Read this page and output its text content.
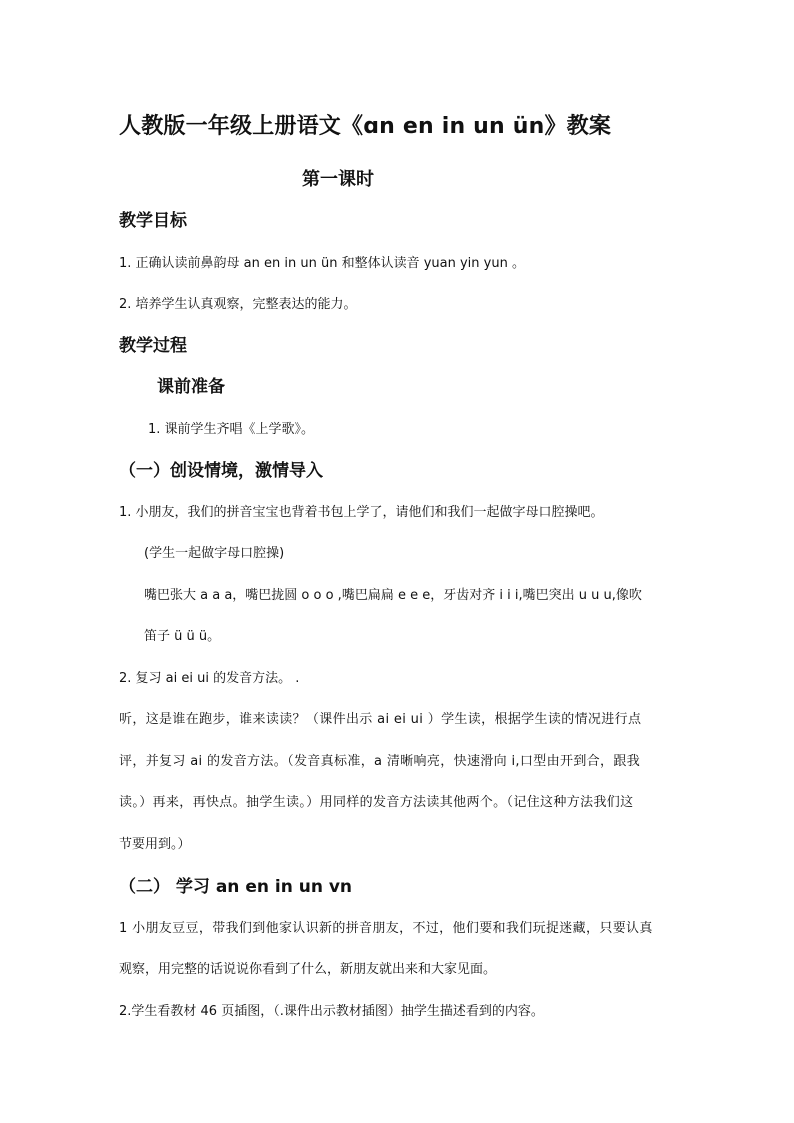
人教版一年级上册语文《ɑn en in un ün》教案
第一课时
教学目标
1. 正确认读前鼻韵母 an en in un ün 和整体认读音 yuan yin yun 。
2. 培养学生认真观察，完整表达的能力。
教学过程
课前准备
1. 课前学生齐唱《上学歌》。
（一）创设情境，激情导入
1. 小朋友，我们的拼音宝宝也背着书包上学了，请他们和我们一起做字母口腔操吧。
(学生一起做字母口腔操)
嘴巴张大 a a a，嘴巴拢圆 o o o ,嘴巴扁扁 e e e，牙齿对齐 i i i,嘴巴突出 u u u,像吹
笛子 ü ü ü。
2. 复习 ai ei ui 的发音方法。 .
听，这是谁在跑步，谁来读读？（课件出示 ai ei ui ）学生读，根据学生读的情况进行点
评，并复习 ai 的发音方法。（发音真标准，a 清晰响亮，快速滑向 i,口型由开到合，跟我
读。）再来，再快点。抽学生读。）用同样的发音方法读其他两个。（记住这种方法我们这
节要用到。）
（二） 学习 an en in un vn
1 小朋友豆豆，带我们到他家认识新的拼音朋友，不过，他们要和我们玩捉迷藏，只要认真
观察，用完整的话说说你看到了什么，新朋友就出来和大家见面。
2.学生看教材 46 页插图，（.课件出示教材插图）抽学生描述看到的内容。
